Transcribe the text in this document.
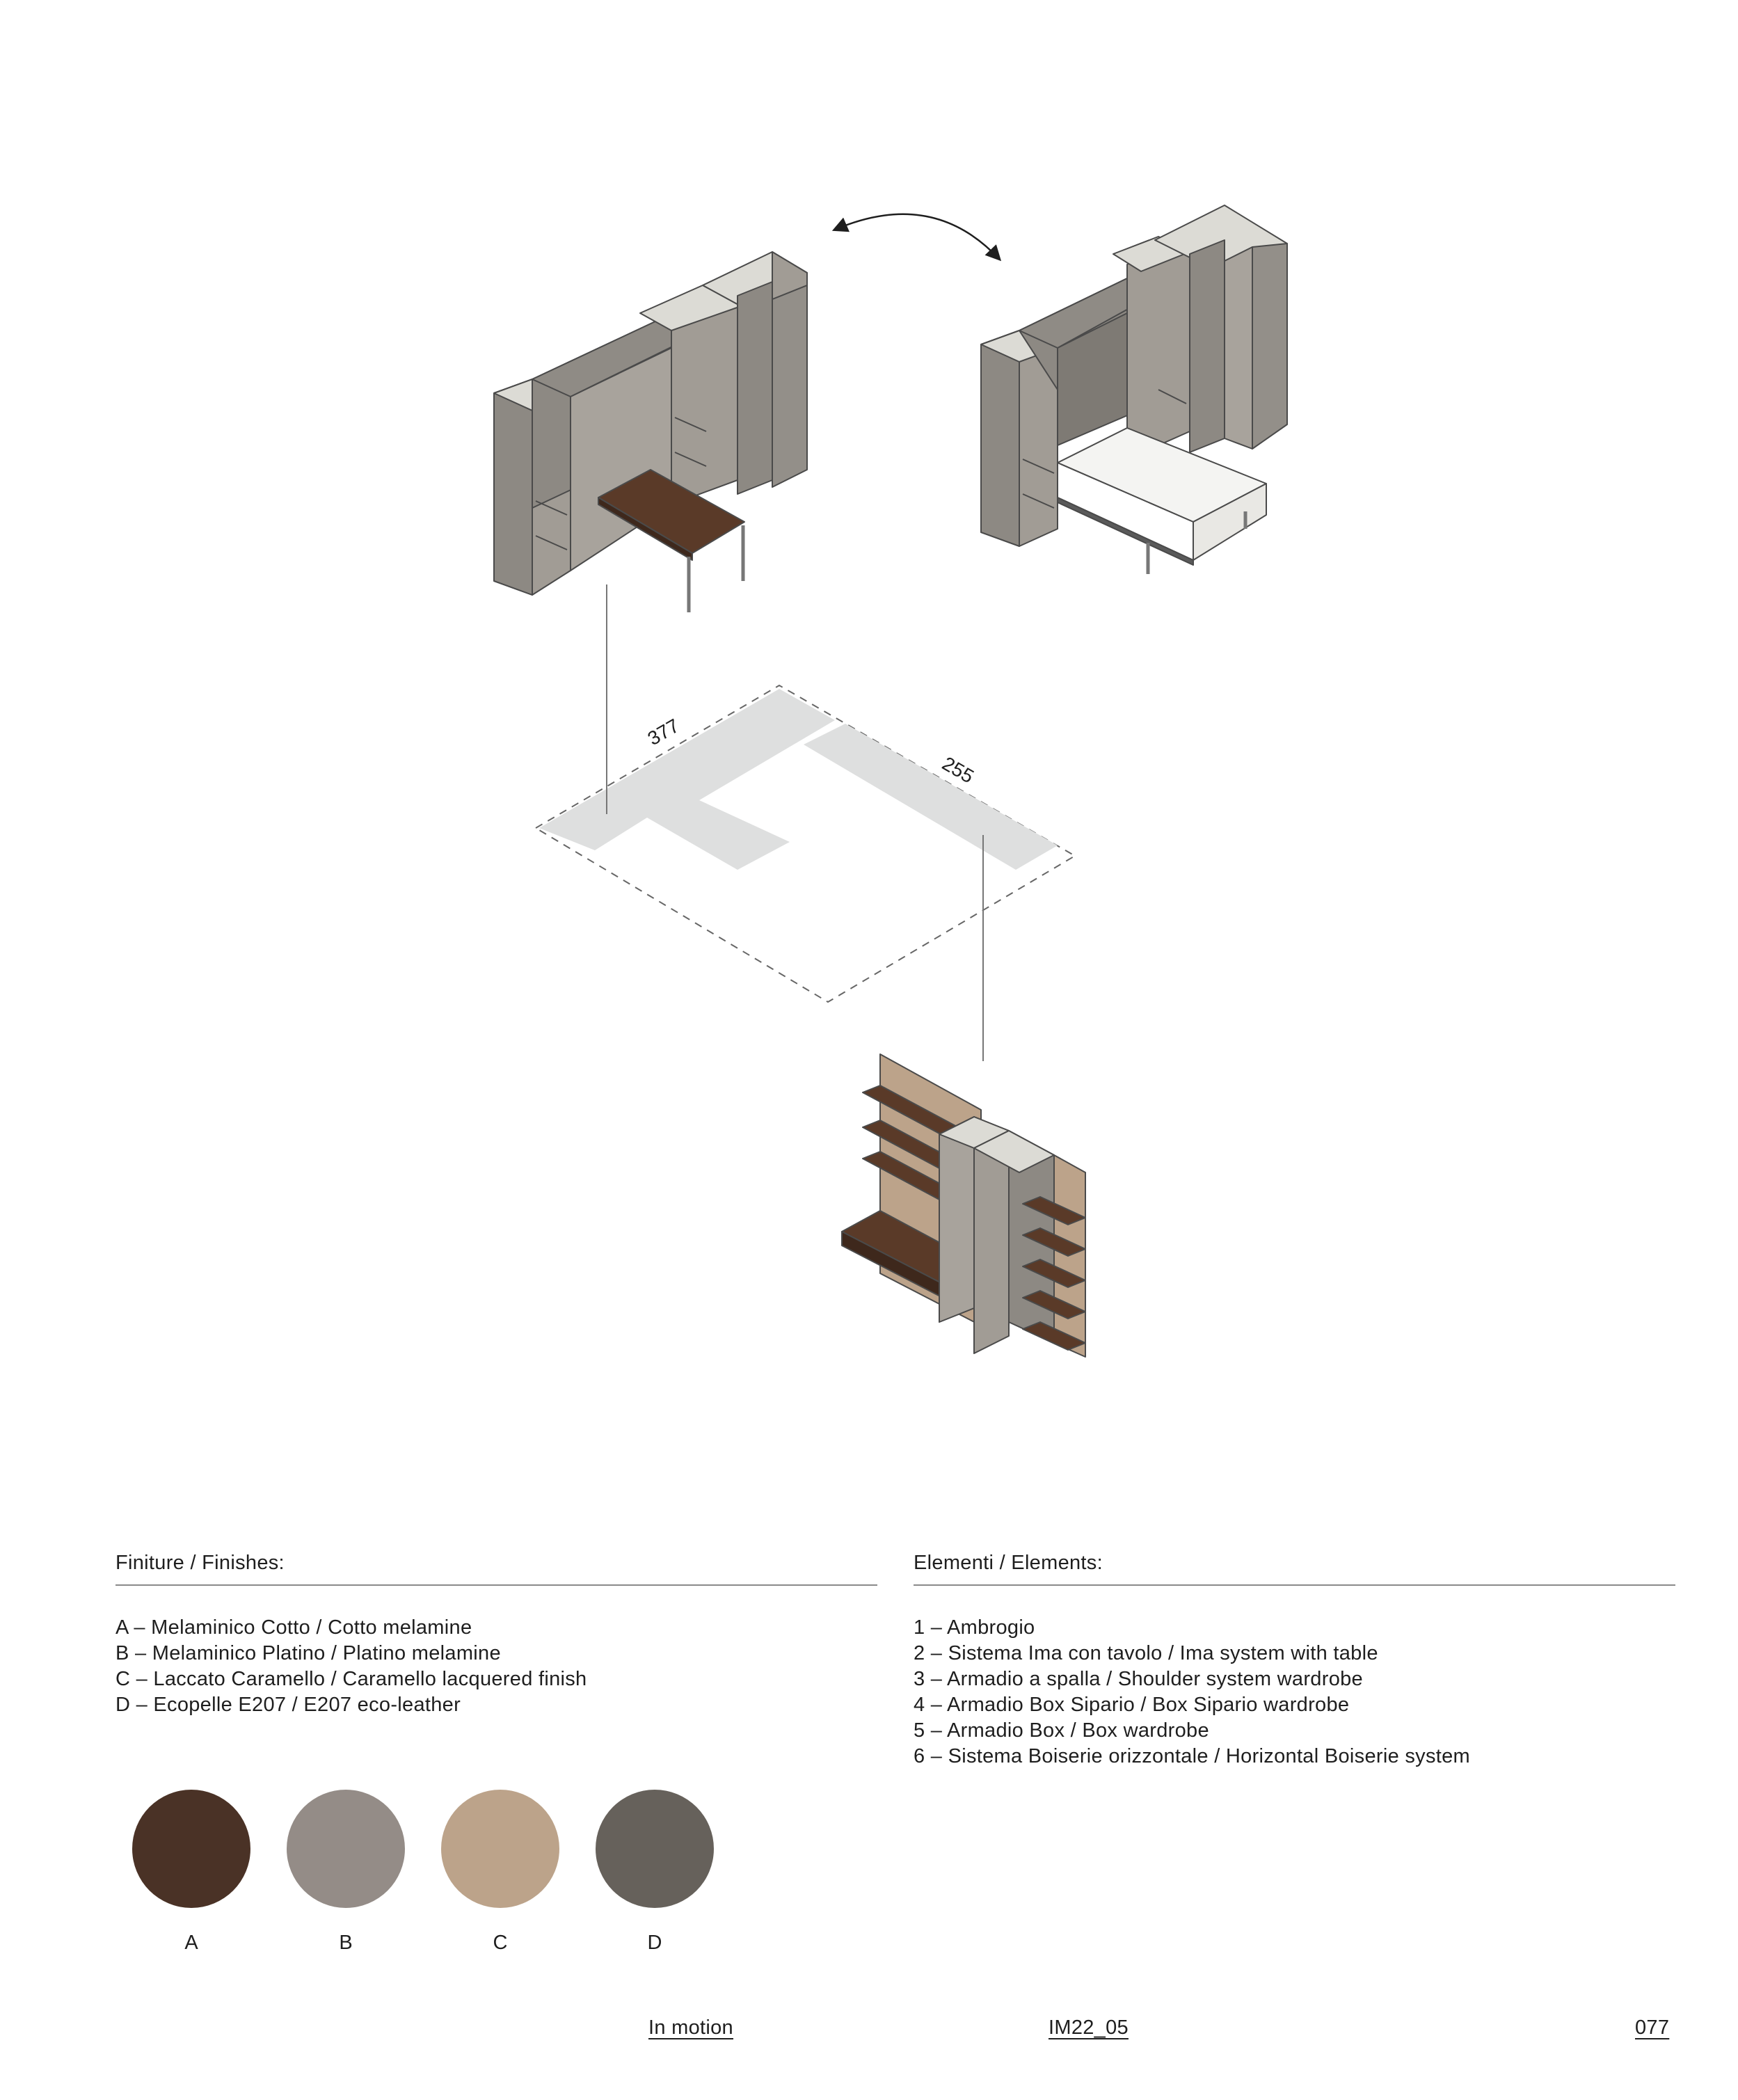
377
255
Finiture / Finishes:
A – Melaminico Cotto / Cotto melamine
B – Melaminico Platino / Platino melamine
C – Laccato Caramello / Caramello lacquered finish
D – Ecopelle E207 / E207 eco-leather
Elementi / Elements:
1 – Ambrogio
2 – Sistema Ima con tavolo / Ima system with table
3 – Armadio a spalla / Shoulder system wardrobe
4 – Armadio Box Sipario / Box Sipario wardrobe
5 – Armadio Box / Box wardrobe
6 – Sistema Boiserie orizzontale / Horizontal Boiserie system
A	B	C	D
In motion	IM22_05	077
